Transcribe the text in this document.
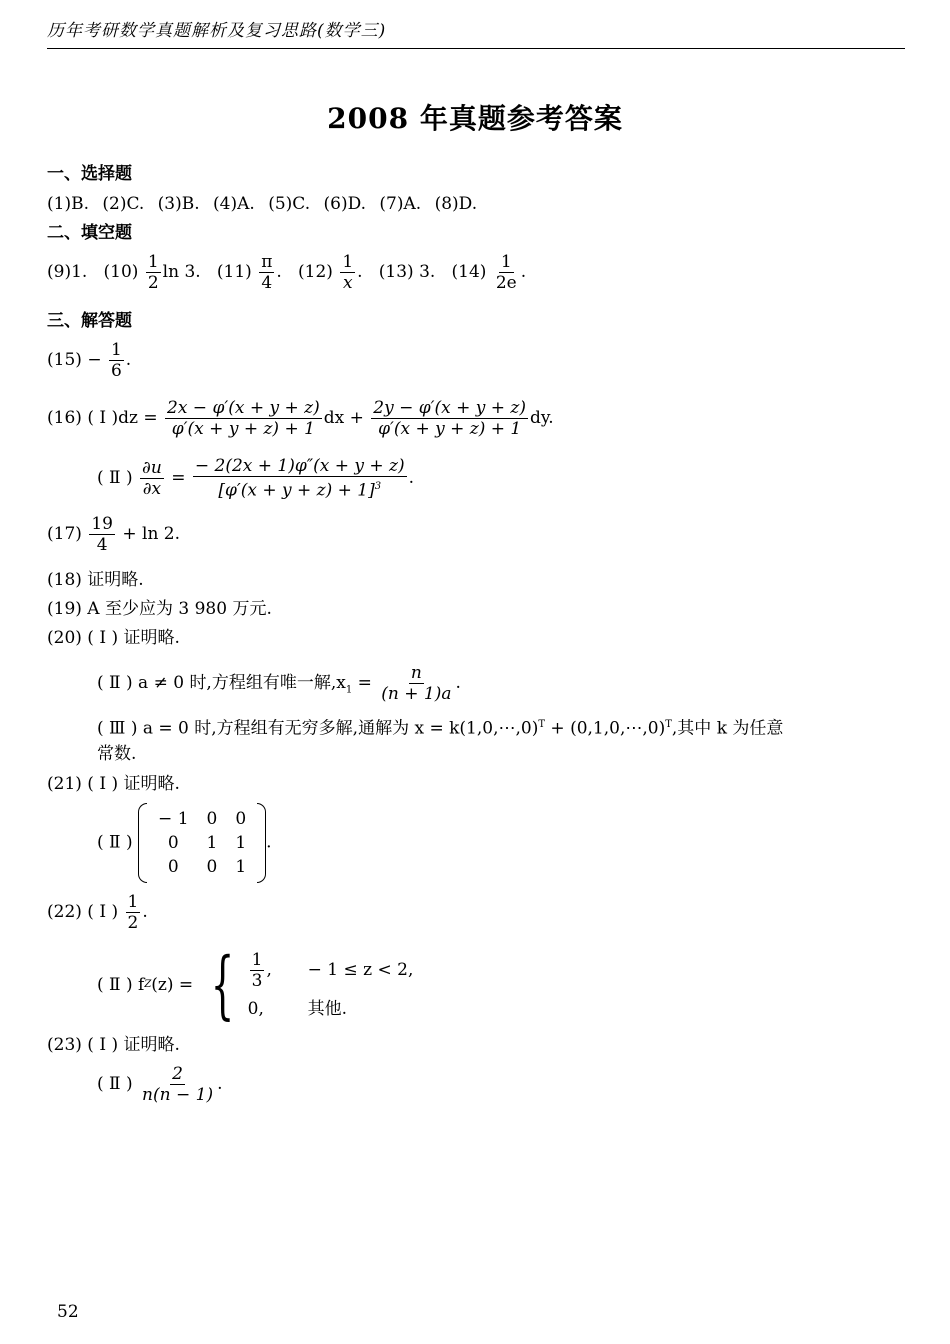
历年考研数学真题解析及复习思路(数学三)
2008 年真题参考答案
一、选择题
(1)B. (2)C. (3)B. (4)A. (5)C. (6)D. (7)A. (8)D.
二、填空题
(9)1. $(10) \frac{1}{2}$ ln 3. $(11) \frac{\pi}{4}$ . $(12) \frac{1}{x}$ . (13) 3. $(14) \frac{1}{2e}$ .
三、解答题
$(15) - \frac{1}{6}$ .
(16) ( Ⅰ )$dz = \frac{2x - \varphi'(x + y + z)}{\varphi'(x + y + z) + 1}$ dx + $\frac{2y - \varphi'(x + y + z)}{\varphi'(x + y + z) + 1}$ dy.
( Ⅱ ) $\frac{\partial u}{\partial x} = \frac{- 2(2x + 1)\varphi''(x + y + z)}{[\varphi'(x + y + z) + 1]^3}$ .
$(17) \frac{19}{4} + \ln 2$.
(18) 证明略.
(19) A 至少应为 3 980 万元.
(20) ( Ⅰ ) 证明略.
( Ⅱ ) a ≠ 0 时,方程组有唯一解$,x_1 = \frac{n}{(n + 1)a}$ .
( Ⅲ ) a = 0 时,方程组有无穷多解,通解为 x = k(1,0,⋯,0)$^T$ + (0,1,0,⋯,0)$^T$,其中 k 为任意
常数.
(21) ( Ⅰ ) 证明略.
( Ⅱ )
− 1	0	0
0	1	1
0	0	1
.
(22) ( Ⅰ ) $\frac{1}{2}$ .
( Ⅱ ) f Z (z) =
{ $\frac{1}{3}$ ,	− 1 ≤ z < 2,
0,	其他.
(23) ( Ⅰ ) 证明略.
( Ⅱ ) $\frac{2}{n(n - 1)}$ .
52
